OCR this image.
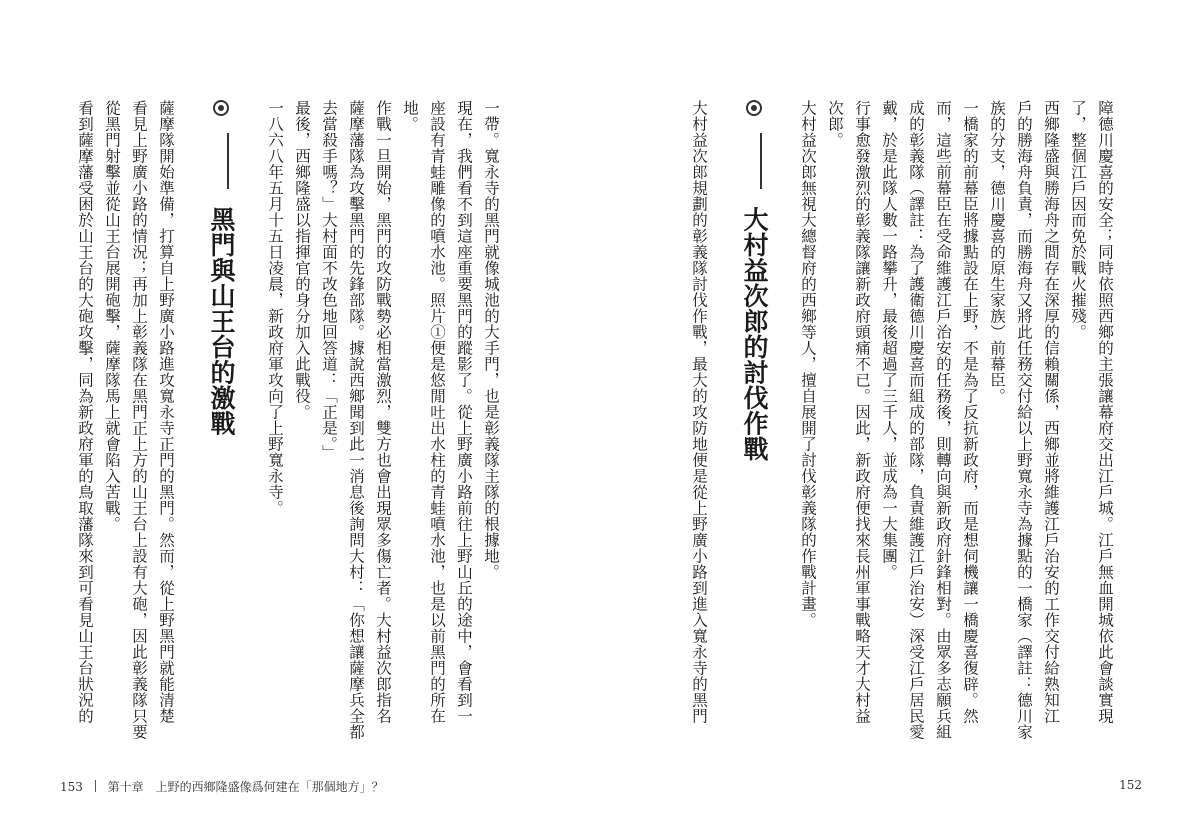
一帶。寬永寺的黑門就像城池的大手門，也是彰義隊主隊的根據地。
現在，我們看不到這座重要黑門的蹤影了。從上野廣小路前往上野山丘的途中，會看到一
座設有青蛙雕像的噴水池。照片①便是悠閒吐出水柱的青蛙噴水池，也是以前黑門的所在
地。
作戰一旦開始，黑門的攻防戰勢必相當激烈，雙方也會出現眾多傷亡者。大村益次郎指名
薩摩藩隊為攻擊黑門的先鋒部隊。據說西鄉聞到此一消息後詢問大村：「你想讓薩摩兵全都
去當殺手嗎？」大村面不改色地回答道：「正是。」
最後，西鄉隆盛以指揮官的身分加入此戰役。
一八六八年五月十五日凌晨，新政府軍攻向了上野寬永寺。
黑門與山王台的激戰
薩摩隊開始準備，打算自上野廣小路進攻寬永寺正門的黑門。然而，從上野黑門就能清楚
看見上野廣小路的情況；再加上彰義隊在黑門正上方的山王台上設有大砲，因此彰義隊只要
從黑門射擊並從山王台展開砲擊，薩摩隊馬上就會陷入苦戰。
看到薩摩藩受困於山王台的大砲攻擊，同為新政府軍的鳥取藩隊來到可看見山王台狀況的
153 第十章　上野的西鄉隆盛像爲何建在「那個地方」？
障德川慶喜的安全；同時依照西鄉的主張讓幕府交出江戶城。江戶無血開城依此會談實現
了，整個江戶因而免於戰火摧殘。
西鄉隆盛與勝海舟之間存在深厚的信賴關係，西鄉並將維護江戶治安的工作交付給熟知江
戶的勝海舟負責，而勝海舟又將此任務交付給以上野寬永寺為據點的一橋家（譯註：德川家
族的分支，德川慶喜的原生家族）前幕臣。
一橋家的前幕臣將據點設在上野，不是為了反抗新政府，而是想伺機讓一橋慶喜復辟。然
而，這些前幕臣在受命維護江戶治安的任務後，則轉向與新政府針鋒相對。由眾多志願兵組
成的彰義隊（譯註：為了護衛德川慶喜而組成的部隊，負責維護江戶治安）深受江戶居民愛
戴，於是此隊人數一路攀升，最後超過了三千人，並成為一大集團。
行事愈發激烈的彰義隊讓新政府頭痛不已。因此，新政府便找來長州軍事戰略天才大村益
次郎。
大村益次郎無視大總督府的西鄉等人，擅自展開了討伐彰義隊的作戰計畫。
大村益次郎的討伐作戰
大村益次郎規劃的彰義隊討伐作戰，最大的攻防地便是從上野廣小路到進入寬永寺的黑門
152
